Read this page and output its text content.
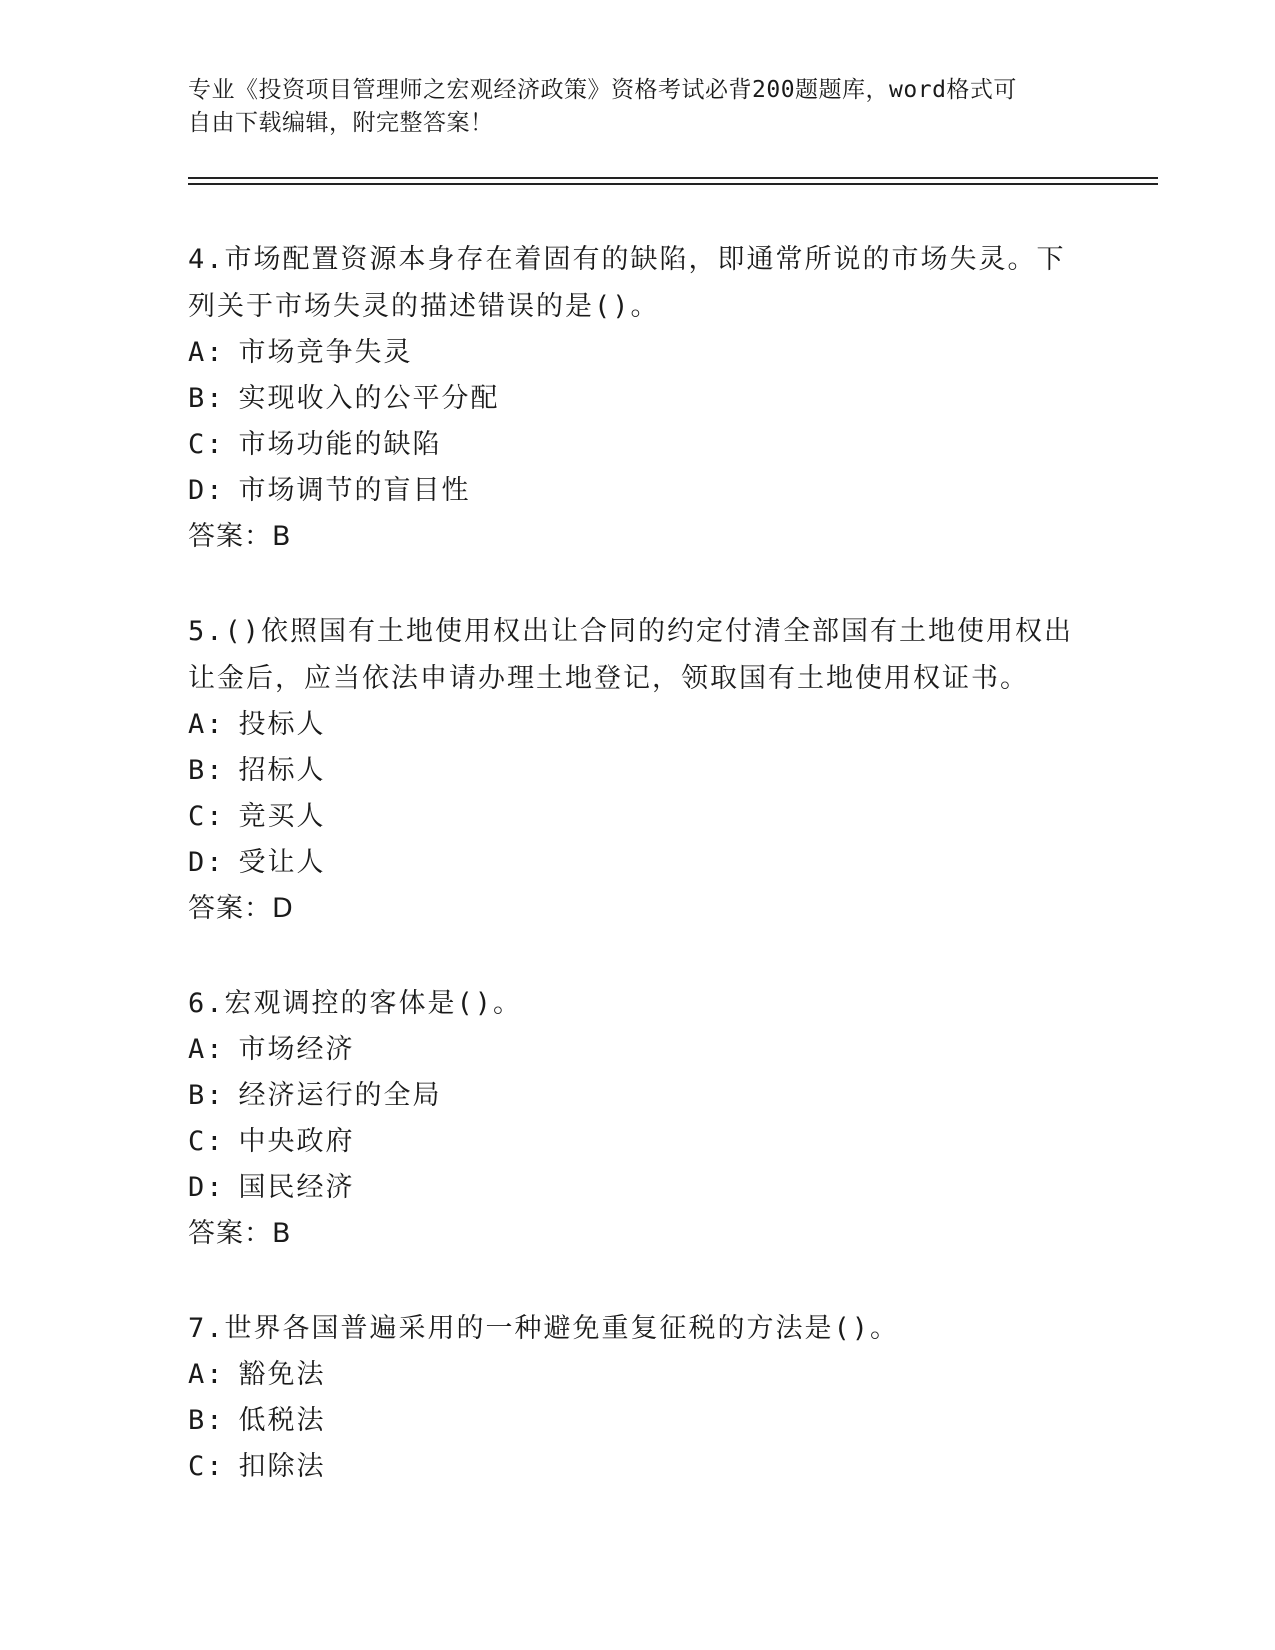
专业《投资项目管理师之宏观经济政策》资格考试必背200题题库，word格式可
自由下载编辑，附完整答案！

4.市场配置资源本身存在着固有的缺陷，即通常所说的市场失灵。下

列关于市场失灵的描述错误的是()。

A: 市场竞争失灵

B: 实现收入的公平分配

C: 市场功能的缺陷

D: 市场调节的盲目性

答案：B

5.()依照国有土地使用权出让合同的约定付清全部国有土地使用权出

让金后，应当依法申请办理土地登记，领取国有土地使用权证书。

A: 投标人

B: 招标人

C: 竞买人

D: 受让人

答案：D

6.宏观调控的客体是()。

A: 市场经济

B: 经济运行的全局

C: 中央政府

D: 国民经济

答案：B

7.世界各国普遍采用的一种避免重复征税的方法是()。

A: 豁免法

B: 低税法

C: 扣除法
